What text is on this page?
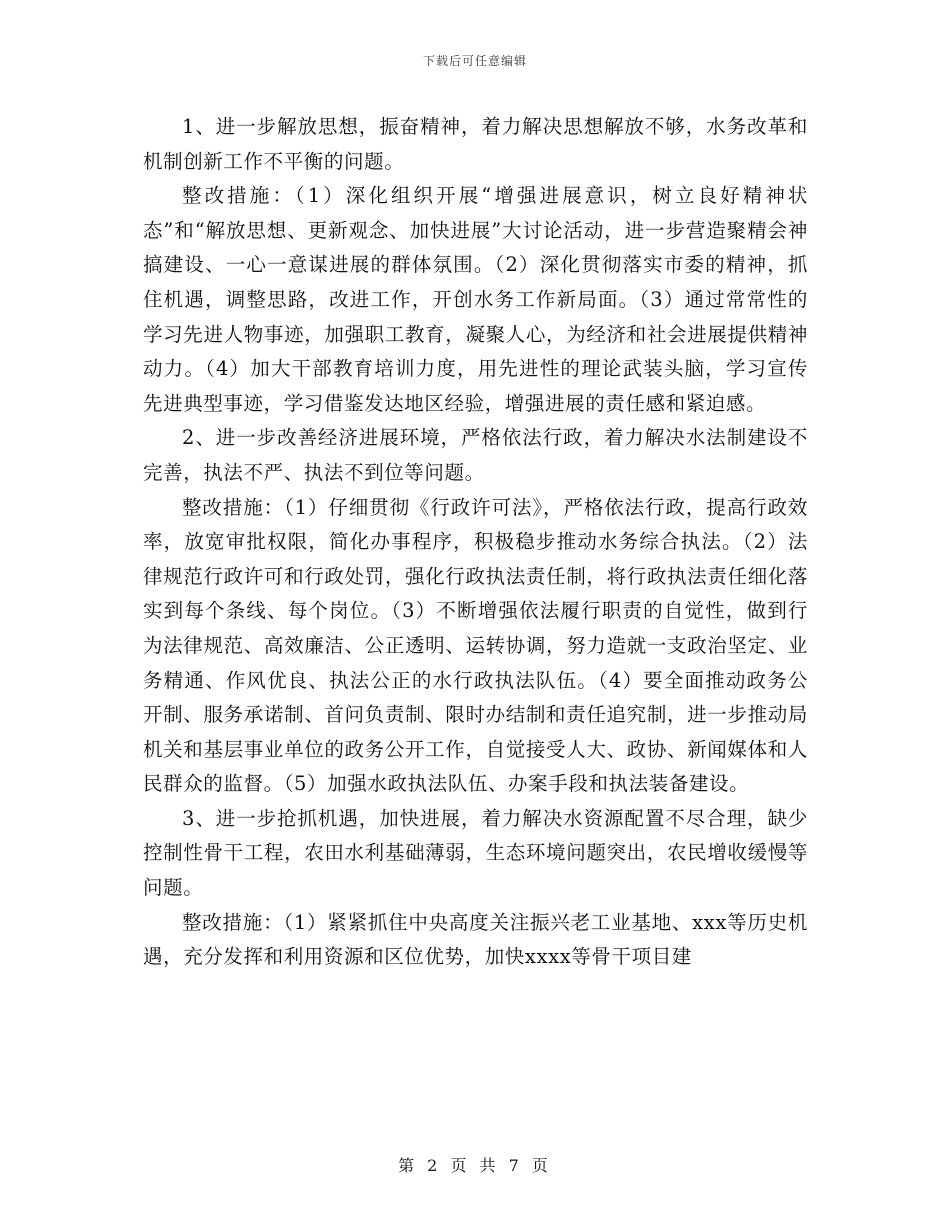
下载后可任意编辑

1、进一步解放思想，振奋精神，着力解决思想解放不够，水务改革和机制创新工作不平衡的问题。

整改措施：（1）深化组织开展“增强进展意识，树立良好精神状态”和“解放思想、更新观念、加快进展”大讨论活动，进一步营造聚精会神搞建设、一心一意谋进展的群体氛围。（2）深化贯彻落实市委的精神，抓住机遇，调整思路，改进工作，开创水务工作新局面。（3）通过常常性的学习先进人物事迹，加强职工教育，凝聚人心，为经济和社会进展提供精神动力。（4）加大干部教育培训力度，用先进性的理论武装头脑，学习宣传先进典型事迹，学习借鉴发达地区经验，增强进展的责任感和紧迫感。

2、进一步改善经济进展环境，严格依法行政，着力解决水法制建设不完善，执法不严、执法不到位等问题。

整改措施：（1）仔细贯彻《行政许可法》，严格依法行政，提高行政效率，放宽审批权限，简化办事程序，积极稳步推动水务综合执法。（2）法律规范行政许可和行政处罚，强化行政执法责任制，将行政执法责任细化落实到每个条线、每个岗位。（3）不断增强依法履行职责的自觉性，做到行为法律规范、高效廉洁、公正透明、运转协调，努力造就一支政治坚定、业务精通、作风优良、执法公正的水行政执法队伍。（4）要全面推动政务公开制、服务承诺制、首问负责制、限时办结制和责任追究制，进一步推动局机关和基层事业单位的政务公开工作，自觉接受人大、政协、新闻媒体和人民群众的监督。（5）加强水政执法队伍、办案手段和执法装备建设。

3、进一步抢抓机遇，加快进展，着力解决水资源配置不尽合理，缺少控制性骨干工程，农田水利基础薄弱，生态环境问题突出，农民增收缓慢等问题。

整改措施：（1）紧紧抓住中央高度关注振兴老工业基地、xxx等历史机遇，充分发挥和利用资源和区位优势，加快xxxx等骨干项目建

第 2 页 共 7 页
